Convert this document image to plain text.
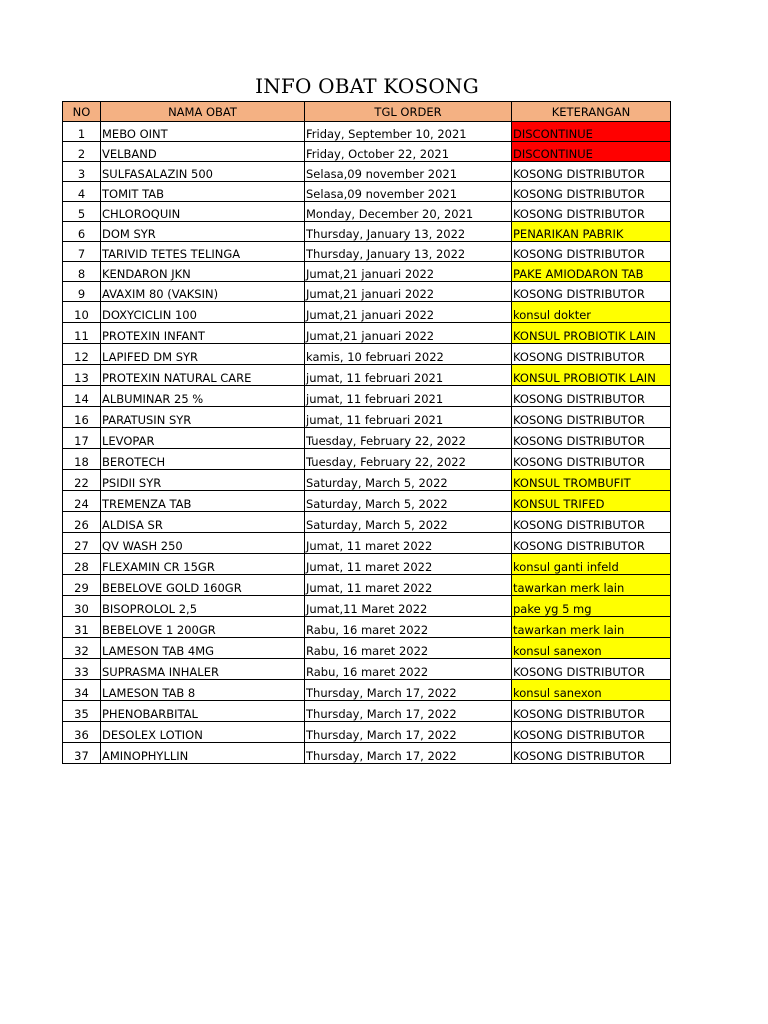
INFO OBAT KOSONG
NO	NAMA OBAT	TGL ORDER	KETERANGAN
1	MEBO OINT	Friday, September 10, 2021	DISCONTINUE
2	VELBAND	Friday, October 22, 2021	DISCONTINUE
3	SULFASALAZIN 500	Selasa,09 november 2021	KOSONG DISTRIBUTOR
4	TOMIT TAB	Selasa,09 november 2021	KOSONG DISTRIBUTOR
5	CHLOROQUIN	Monday, December 20, 2021	KOSONG DISTRIBUTOR
6	DOM SYR	Thursday, January 13, 2022	PENARIKAN PABRIK
7	TARIVID TETES TELINGA	Thursday, January 13, 2022	KOSONG DISTRIBUTOR
8	KENDARON JKN	Jumat,21 januari 2022	PAKE AMIODARON TAB
9	AVAXIM 80 (VAKSIN)	Jumat,21 januari 2022	KOSONG DISTRIBUTOR
10	DOXYCICLIN 100	Jumat,21 januari 2022	konsul dokter
11	PROTEXIN INFANT	Jumat,21 januari 2022	KONSUL PROBIOTIK LAIN
12	LAPIFED DM SYR	kamis, 10 februari 2022	KOSONG DISTRIBUTOR
13	PROTEXIN NATURAL CARE	jumat, 11 februari 2021	KONSUL PROBIOTIK LAIN
14	ALBUMINAR 25 %	jumat, 11 februari 2021	KOSONG DISTRIBUTOR
16	PARATUSIN SYR	jumat, 11 februari 2021	KOSONG DISTRIBUTOR
17	LEVOPAR	Tuesday, February 22, 2022	KOSONG DISTRIBUTOR
18	BEROTECH	Tuesday, February 22, 2022	KOSONG DISTRIBUTOR
22	PSIDII SYR	Saturday, March 5, 2022	KONSUL TROMBUFIT
24	TREMENZA TAB	Saturday, March 5, 2022	KONSUL TRIFED
26	ALDISA SR	Saturday, March 5, 2022	KOSONG DISTRIBUTOR
27	QV WASH 250	Jumat, 11 maret 2022	KOSONG DISTRIBUTOR
28	FLEXAMIN CR 15GR	Jumat, 11 maret 2022	konsul ganti infeld
29	BEBELOVE GOLD 160GR	Jumat, 11 maret 2022	tawarkan merk lain
30	BISOPROLOL 2,5	Jumat,11 Maret 2022	pake yg 5 mg
31	BEBELOVE 1 200GR	Rabu, 16 maret 2022	tawarkan merk lain
32	LAMESON TAB 4MG	Rabu, 16 maret 2022	konsul sanexon
33	SUPRASMA INHALER	Rabu, 16 maret 2022	KOSONG DISTRIBUTOR
34	LAMESON TAB 8	Thursday, March 17, 2022	konsul sanexon
35	PHENOBARBITAL	Thursday, March 17, 2022	KOSONG DISTRIBUTOR
36	DESOLEX LOTION	Thursday, March 17, 2022	KOSONG DISTRIBUTOR
37	AMINOPHYLLIN	Thursday, March 17, 2022	KOSONG DISTRIBUTOR
